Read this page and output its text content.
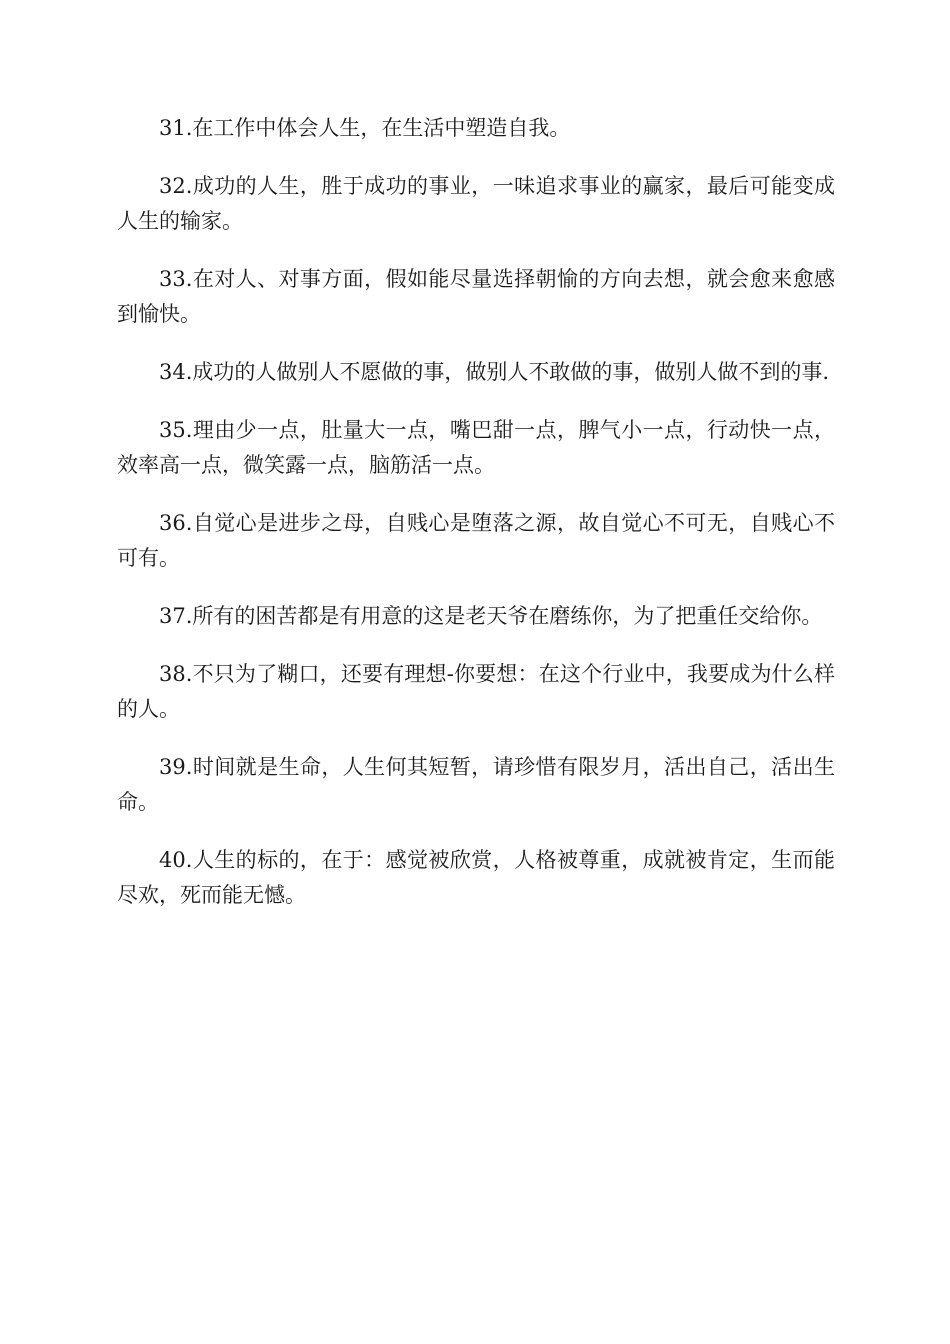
31.在工作中体会人生，在生活中塑造自我。

32.成功的人生，胜于成功的事业，一味追求事业的赢家，最后可能变成人生的输家。

33.在对人、对事方面，假如能尽量选择朝愉的方向去想，就会愈来愈感到愉快。

34.成功的人做别人不愿做的事，做别人不敢做的事，做别人做不到的事.

35.理由少一点，肚量大一点，嘴巴甜一点，脾气小一点，行动快一点，效率高一点，微笑露一点，脑筋活一点。

36.自觉心是进步之母，自贱心是堕落之源，故自觉心不可无，自贱心不可有。

37.所有的困苦都是有用意的这是老天爷在磨练你，为了把重任交给你。

38.不只为了糊口，还要有理想-你要想：在这个行业中，我要成为什么样的人。

39.时间就是生命，人生何其短暂，请珍惜有限岁月，活出自己，活出生命。

40.人生的标的，在于：感觉被欣赏，人格被尊重，成就被肯定，生而能尽欢，死而能无憾。
